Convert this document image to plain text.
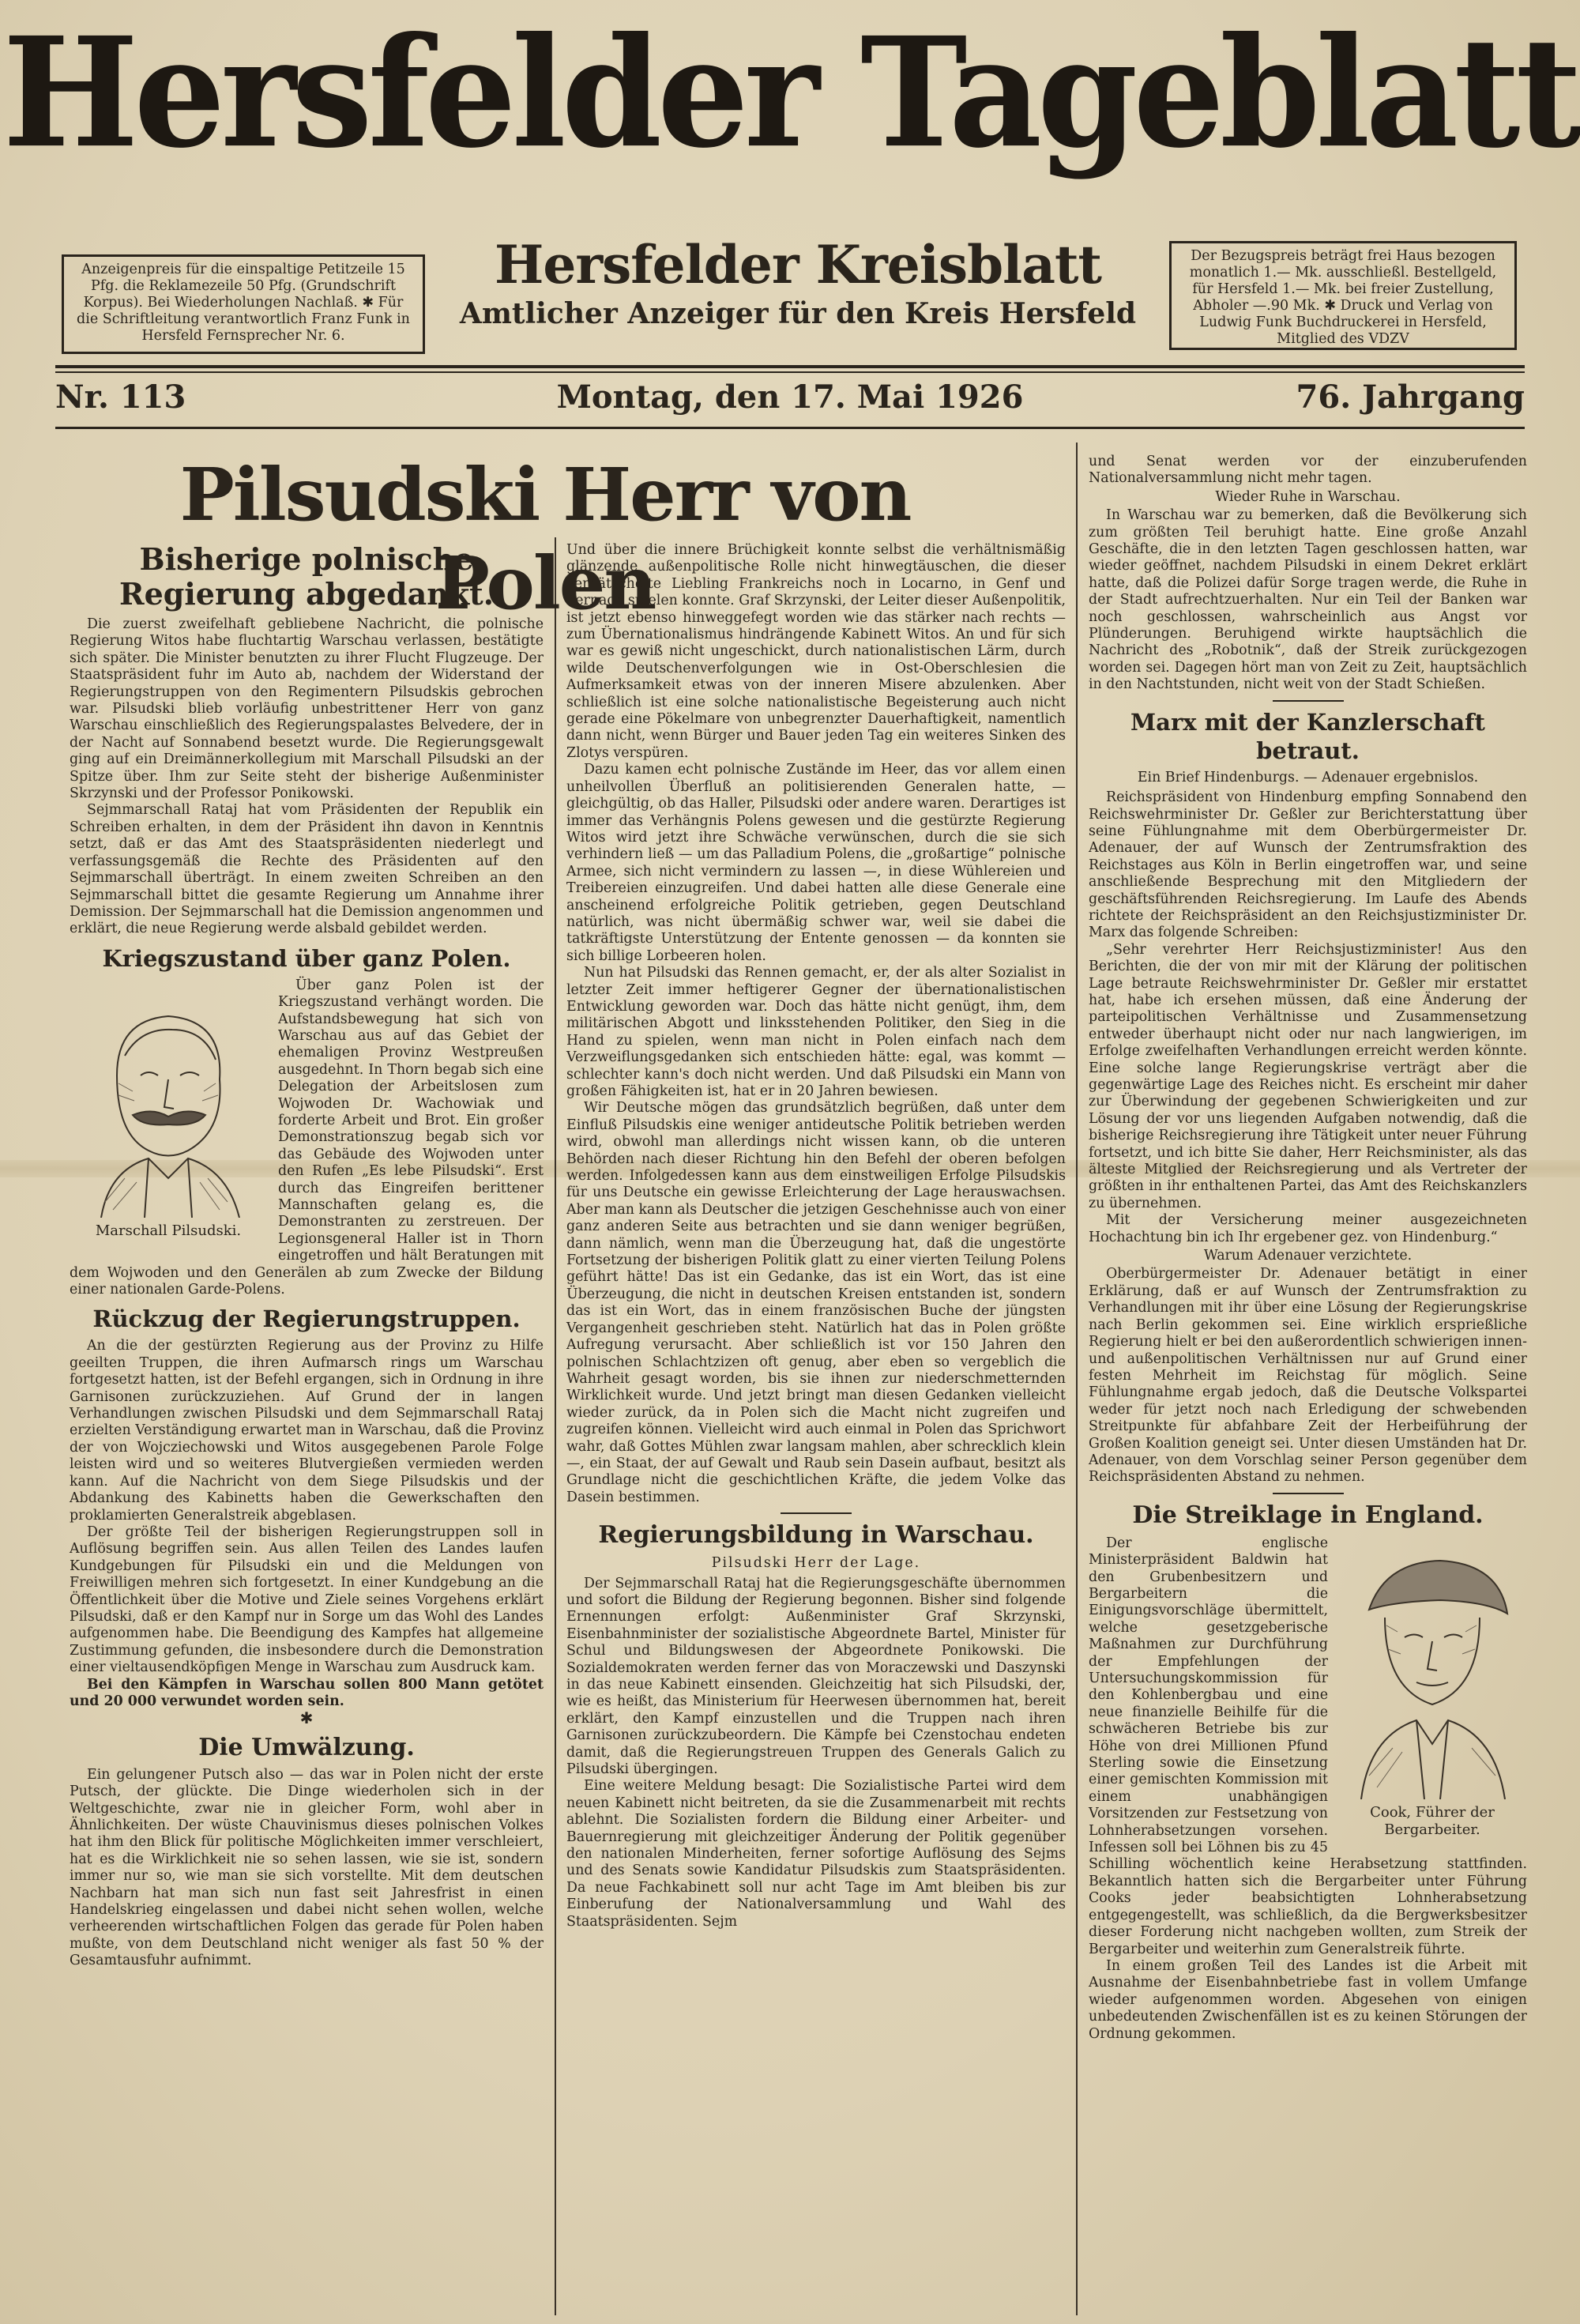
Hersfelder Tageblatt
Anzeigenpreis für die einspaltige Petitzeile 15 Pfg. die Reklamezeile 50 Pfg. (Grundschrift Korpus). Bei Wiederholungen Nachlaß. ✱ Für die Schriftleitung verantwortlich Franz Funk in Hersfeld Fernsprecher Nr. 6.
Hersfelder Kreisblatt
Amtlicher Anzeiger für den Kreis Hersfeld
Der Bezugspreis beträgt frei Haus bezogen monatlich 1.— Mk. ausschließl. Bestellgeld, für Hersfeld 1.— Mk. bei freier Zustellung, Abholer —.90 Mk. ✱ Druck und Verlag von Ludwig Funk Buchdruckerei in Hersfeld, Mitglied des VDZV
Nr. 113	Montag, den 17. Mai 1926	76. Jahrgang
Pilsudski Herr von Polen
Bisherige polnische Regierung abgedankt.

Die zuerst zweifelhaft gebliebene Nachricht, die polnische Regierung Witos habe fluchtartig Warschau verlassen, bestätigte sich später. Die Minister benutzten zu ihrer Flucht Flugzeuge. Der Staatspräsident fuhr im Auto ab, nachdem der Widerstand der Regierungstruppen von den Regimentern Pilsudskis gebrochen war. Pilsudski blieb vorläufig unbestrittener Herr von ganz Warschau einschließlich des Regierungspalastes Belvedere, der in der Nacht auf Sonnabend besetzt wurde. Die Regierungsgewalt ging auf ein Dreimännerkollegium mit Marschall Pilsudski an der Spitze über. Ihm zur Seite steht der bisherige Außenminister Skrzynski und der Professor Ponikowski.

Sejmmarschall Rataj hat vom Präsidenten der Republik ein Schreiben erhalten, in dem der Präsident ihn davon in Kenntnis setzt, daß er das Amt des Staatspräsidenten niederlegt und verfassungsgemäß die Rechte des Präsidenten auf den Sejmmarschall überträgt. In einem zweiten Schreiben an den Sejmmarschall bittet die gesamte Regierung um Annahme ihrer Demission. Der Sejmmarschall hat die Demission angenommen und erklärt, die neue Regierung werde alsbald gebildet werden.

Kriegszustand über ganz Polen.
Marschall Pilsudski.

Über ganz Polen ist der Kriegszustand verhängt worden. Die Aufstandsbewegung hat sich von Warschau aus auf das Gebiet der ehemaligen Provinz Westpreußen ausgedehnt. In Thorn begab sich eine Delegation der Arbeitslosen zum Wojwoden Dr. Wachowiak und forderte Arbeit und Brot. Ein großer Demonstrationszug begab sich vor das Gebäude des Wojwoden unter den Rufen „Es lebe Pilsudski“. Erst durch das Eingreifen berittener Mannschaften gelang es, die Demonstranten zu zerstreuen. Der Legionsgeneral Haller ist in Thorn eingetroffen und hält Beratungen mit dem Wojwoden und den Generälen ab zum Zwecke der Bildung einer nationalen Garde-Polens.

Rückzug der Regierungstruppen.

An die der gestürzten Regierung aus der Provinz zu Hilfe geeilten Truppen, die ihren Aufmarsch rings um Warschau fortgesetzt hatten, ist der Befehl ergangen, sich in Ordnung in ihre Garnisonen zurückzuziehen. Auf Grund der in langen Verhandlungen zwischen Pilsudski und dem Sejmmarschall Rataj erzielten Verständigung erwartet man in Warschau, daß die Provinz der von Wojcziechowski und Witos ausgegebenen Parole Folge leisten wird und so weiteres Blutvergießen vermieden werden kann. Auf die Nachricht von dem Siege Pilsudskis und der Abdankung des Kabinetts haben die Gewerkschaften den proklamierten Generalstreik abgeblasen.

Der größte Teil der bisherigen Regierungstruppen soll in Auflösung begriffen sein. Aus allen Teilen des Landes laufen Kundgebungen für Pilsudski ein und die Meldungen von Freiwilligen mehren sich fortgesetzt. In einer Kundgebung an die Öffentlichkeit über die Motive und Ziele seines Vorgehens erklärt Pilsudski, daß er den Kampf nur in Sorge um das Wohl des Landes aufgenommen habe. Die Beendigung des Kampfes hat allgemeine Zustimmung gefunden, die insbesondere durch die Demonstration einer vieltausendköpfigen Menge in Warschau zum Ausdruck kam.

Bei den Kämpfen in Warschau sollen 800 Mann getötet und 20 000 verwundet worden sein.

✱
Die Umwälzung.

Ein gelungener Putsch also — das war in Polen nicht der erste Putsch, der glückte. Die Dinge wiederholen sich in der Weltgeschichte, zwar nie in gleicher Form, wohl aber in Ähnlichkeiten. Der wüste Chauvinismus dieses polnischen Volkes hat ihm den Blick für politische Möglichkeiten immer verschleiert, hat es die Wirklichkeit nie so sehen lassen, wie sie ist, sondern immer nur so, wie man sie sich vorstellte. Mit dem deutschen Nachbarn hat man sich nun fast seit Jahresfrist in einen Handelskrieg eingelassen und dabei nicht sehen wollen, welche verheerenden wirtschaftlichen Folgen das gerade für Polen haben mußte, von dem Deutschland nicht weniger als fast 50 % der Gesamtausfuhr aufnimmt.

Und über die innere Brüchigkeit konnte selbst die verhältnismäßig glänzende außenpolitische Rolle nicht hinwegtäuschen, die dieser verhätschelte Liebling Frankreichs noch in Locarno, in Genf und hernach spielen konnte. Graf Skrzynski, der Leiter dieser Außenpolitik, ist jetzt ebenso hinweggefegt worden wie das stärker nach rechts — zum Übernationalismus hindrängende Kabinett Witos. An und für sich war es gewiß nicht ungeschickt, durch nationalistischen Lärm, durch wilde Deutschenverfolgungen wie in Ost-Oberschlesien die Aufmerksamkeit etwas von der inneren Misere abzulenken. Aber schließlich ist eine solche nationalistische Begeisterung auch nicht gerade eine Pökelmare von unbegrenzter Dauerhaftigkeit, namentlich dann nicht, wenn Bürger und Bauer jeden Tag ein weiteres Sinken des Zlotys verspüren.

Dazu kamen echt polnische Zustände im Heer, das vor allem einen unheilvollen Überfluß an politisierenden Generalen hatte, — gleichgültig, ob das Haller, Pilsudski oder andere waren. Derartiges ist immer das Verhängnis Polens gewesen und die gestürzte Regierung Witos wird jetzt ihre Schwäche verwünschen, durch die sie sich verhindern ließ — um das Palladium Polens, die „großartige“ polnische Armee, sich nicht vermindern zu lassen —, in diese Wühlereien und Treibereien einzugreifen. Und dabei hatten alle diese Generale eine anscheinend erfolgreiche Politik getrieben, gegen Deutschland natürlich, was nicht übermäßig schwer war, weil sie dabei die tatkräftigste Unterstützung der Entente genossen — da konnten sie sich billige Lorbeeren holen.

Nun hat Pilsudski das Rennen gemacht, er, der als alter Sozialist in letzter Zeit immer heftigerer Gegner der übernationalistischen Entwicklung geworden war. Doch das hätte nicht genügt, ihm, dem militärischen Abgott und linksstehenden Politiker, den Sieg in die Hand zu spielen, wenn man nicht in Polen einfach nach dem Verzweiflungsgedanken sich entschieden hätte: egal, was kommt — schlechter kann's doch nicht werden. Und daß Pilsudski ein Mann von großen Fähigkeiten ist, hat er in 20 Jahren bewiesen.

Wir Deutsche mögen das grundsätzlich begrüßen, daß unter dem Einfluß Pilsudskis eine weniger antideutsche Politik betrieben werden wird, obwohl man allerdings nicht wissen kann, ob die unteren Behörden nach dieser Richtung hin den Befehl der oberen befolgen werden. Infolgedessen kann aus dem einstweiligen Erfolge Pilsudskis für uns Deutsche ein gewisse Erleichterung der Lage herauswachsen. Aber man kann als Deutscher die jetzigen Geschehnisse auch von einer ganz anderen Seite aus betrachten und sie dann weniger begrüßen, dann nämlich, wenn man die Überzeugung hat, daß die ungestörte Fortsetzung der bisherigen Politik glatt zu einer vierten Teilung Polens geführt hätte! Das ist ein Gedanke, das ist ein Wort, das ist eine Überzeugung, die nicht in deutschen Kreisen entstanden ist, sondern das ist ein Wort, das in einem französischen Buche der jüngsten Vergangenheit geschrieben steht. Natürlich hat das in Polen größte Aufregung verursacht. Aber schließlich ist vor 150 Jahren den polnischen Schlachtzizen oft genug, aber eben so vergeblich die Wahrheit gesagt worden, bis sie ihnen zur niederschmetternden Wirklichkeit wurde. Und jetzt bringt man diesen Gedanken vielleicht wieder zurück, da in Polen sich die Macht nicht zugreifen und zugreifen können. Vielleicht wird auch einmal in Polen das Sprichwort wahr, daß Gottes Mühlen zwar langsam mahlen, aber schrecklich klein —, ein Staat, der auf Gewalt und Raub sein Dasein aufbaut, besitzt als Grundlage nicht die geschichtlichen Kräfte, die jedem Volke das Dasein bestimmen.

Regierungsbildung in Warschau.
Pilsudski Herr der Lage.

Der Sejmmarschall Rataj hat die Regierungsgeschäfte übernommen und sofort die Bildung der Regierung begonnen. Bisher sind folgende Ernennungen erfolgt: Außenminister Graf Skrzynski, Eisenbahnminister der sozialistische Abgeordnete Bartel, Minister für Schul und Bildungswesen der Abgeordnete Ponikowski. Die Sozialdemokraten werden ferner das von Moraczewski und Daszynski in das neue Kabinett einsenden. Gleichzeitig hat sich Pilsudski, der, wie es heißt, das Ministerium für Heerwesen übernommen hat, bereit erklärt, den Kampf einzustellen und die Truppen nach ihren Garnisonen zurückzubeordern. Die Kämpfe bei Czenstochau endeten damit, daß die Regierungstreuen Truppen des Generals Galich zu Pilsudski übergingen.

Eine weitere Meldung besagt: Die Sozialistische Partei wird dem neuen Kabinett nicht beitreten, da sie die Zusammenarbeit mit rechts ablehnt. Die Sozialisten fordern die Bildung einer Arbeiter- und Bauernregierung mit gleichzeitiger Änderung der Politik gegenüber den nationalen Minderheiten, ferner sofortige Auflösung des Sejms und des Senats sowie Kandidatur Pilsudskis zum Staatspräsidenten. Da neue Fachkabinett soll nur acht Tage im Amt bleiben bis zur Einberufung der Nationalversammlung und Wahl des Staatspräsidenten. Sejm

und Senat werden vor der einzuberufenden Nationalversammlung nicht mehr tagen.

Wieder Ruhe in Warschau.

In Warschau war zu bemerken, daß die Bevölkerung sich zum größten Teil beruhigt hatte. Eine große Anzahl Geschäfte, die in den letzten Tagen geschlossen hatten, war wieder geöffnet, nachdem Pilsudski in einem Dekret erklärt hatte, daß die Polizei dafür Sorge tragen werde, die Ruhe in der Stadt aufrechtzuerhalten. Nur ein Teil der Banken war noch geschlossen, wahrscheinlich aus Angst vor Plünderungen. Beruhigend wirkte hauptsächlich die Nachricht des „Robotnik“, daß der Streik zurückgezogen worden sei. Dagegen hört man von Zeit zu Zeit, hauptsächlich in den Nachtstunden, nicht weit von der Stadt Schießen.

Marx mit der Kanzlerschaft betraut.
Ein Brief Hindenburgs. — Adenauer ergebnislos.

Reichspräsident von Hindenburg empfing Sonnabend den Reichswehrminister Dr. Geßler zur Berichterstattung über seine Fühlungnahme mit dem Oberbürgermeister Dr. Adenauer, der auf Wunsch der Zentrumsfraktion des Reichstages aus Köln in Berlin eingetroffen war, und seine anschließende Besprechung mit den Mitgliedern der geschäftsführenden Reichsregierung. Im Laufe des Abends richtete der Reichspräsident an den Reichsjustizminister Dr. Marx das folgende Schreiben:

„Sehr verehrter Herr Reichsjustizminister! Aus den Berichten, die der von mir mit der Klärung der politischen Lage betraute Reichswehrminister Dr. Geßler mir erstattet hat, habe ich ersehen müssen, daß eine Änderung der parteipolitischen Verhältnisse und Zusammensetzung entweder überhaupt nicht oder nur nach langwierigen, im Erfolge zweifelhaften Verhandlungen erreicht werden könnte. Eine solche lange Regierungskrise verträgt aber die gegenwärtige Lage des Reiches nicht. Es erscheint mir daher zur Überwindung der gegebenen Schwierigkeiten und zur Lösung der vor uns liegenden Aufgaben notwendig, daß die bisherige Reichsregierung ihre Tätigkeit unter neuer Führung fortsetzt, und ich bitte Sie daher, Herr Reichsminister, als das älteste Mitglied der Reichsregierung und als Vertreter der größten in ihr enthaltenen Partei, das Amt des Reichskanzlers zu übernehmen.

Mit der Versicherung meiner ausgezeichneten Hochachtung bin ich Ihr ergebener gez. von Hindenburg.“

Warum Adenauer verzichtete.

Oberbürgermeister Dr. Adenauer betätigt in einer Erklärung, daß er auf Wunsch der Zentrumsfraktion zu Verhandlungen mit ihr über eine Lösung der Regierungskrise nach Berlin gekommen sei. Eine wirklich ersprießliche Regierung hielt er bei den außerordentlich schwierigen innen- und außenpolitischen Verhältnissen nur auf Grund einer festen Mehrheit im Reichstag für möglich. Seine Fühlungnahme ergab jedoch, daß die Deutsche Volkspartei weder für jetzt noch nach Erledigung der schwebenden Streitpunkte für abfahbare Zeit der Herbeiführung der Großen Koalition geneigt sei. Unter diesen Umständen hat Dr. Adenauer, von dem Vorschlag seiner Person gegenüber dem Reichspräsidenten Abstand zu nehmen.

Die Streiklage in England.
Cook, Führer der Bergarbeiter.

Der englische Ministerpräsident Baldwin hat den Grubenbesitzern und Bergarbeitern die Einigungsvorschläge übermittelt, welche gesetzgeberische Maßnahmen zur Durchführung der Empfehlungen der Untersuchungskommission für den Kohlenbergbau und eine neue finanzielle Beihilfe für die schwächeren Betriebe bis zur Höhe von drei Millionen Pfund Sterling sowie die Einsetzung einer gemischten Kommission mit einem unabhängigen Vorsitzenden zur Festsetzung von Lohnherabsetzungen vorsehen. Infessen soll bei Löhnen bis zu 45 Schilling wöchentlich keine Herabsetzung stattfinden. Bekanntlich hatten sich die Bergarbeiter unter Führung Cooks jeder beabsichtigten Lohnherabsetzung entgegengestellt, was schließlich, da die Bergwerksbesitzer dieser Forderung nicht nachgeben wollten, zum Streik der Bergarbeiter und weiterhin zum Generalstreik führte.

In einem großen Teil des Landes ist die Arbeit mit Ausnahme der Eisenbahnbetriebe fast in vollem Umfange wieder aufgenommen worden. Abgesehen von einigen unbedeutenden Zwischenfällen ist es zu keinen Störungen der Ordnung gekommen.
